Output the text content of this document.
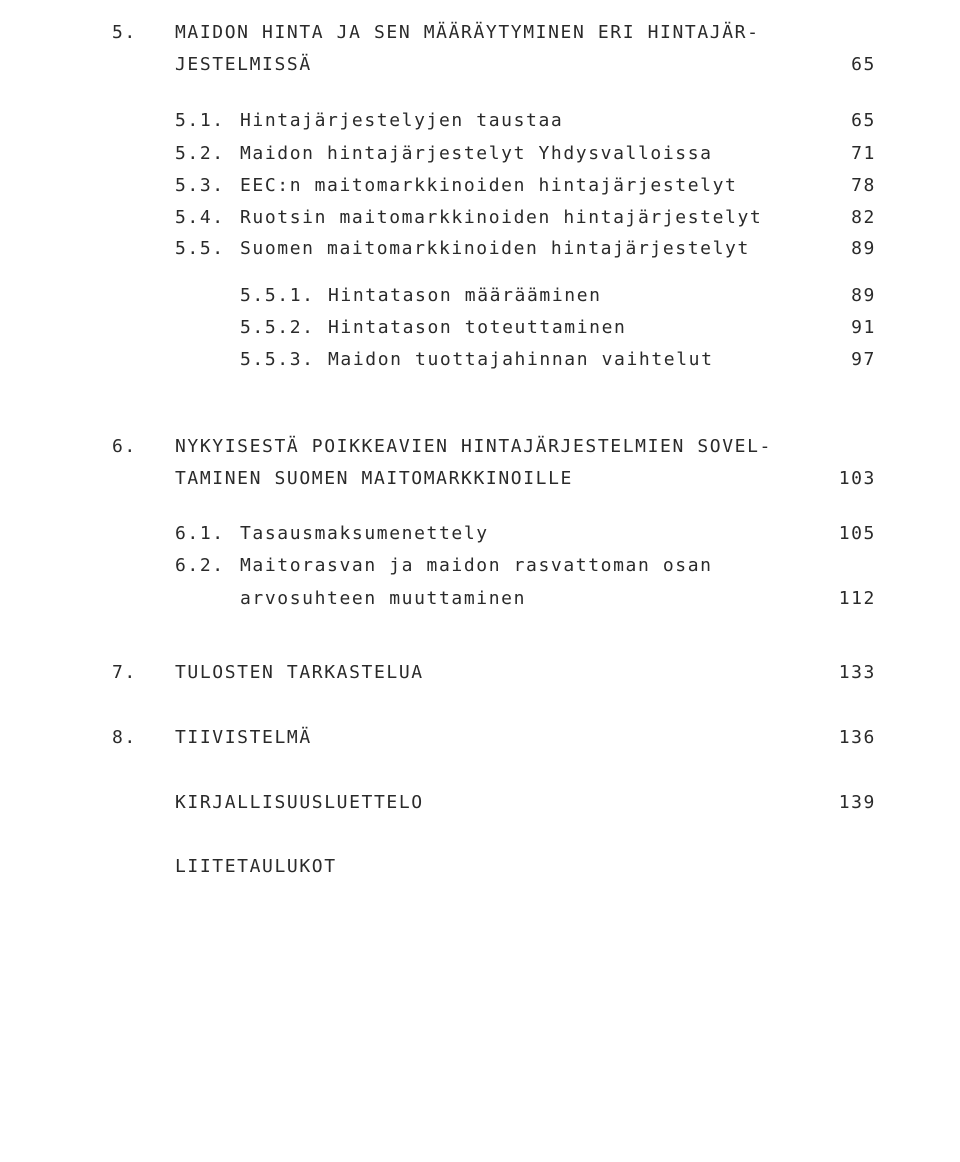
5. MAIDON HINTA JA SEN MÄÄRÄYTYMINEN ERI HINTAJÄR-
JESTELMISSÄ	65
5.1. Hintajärjestelyjen taustaa	65
5.2. Maidon hintajärjestelyt Yhdysvalloissa	71
5.3. EEC:n maitomarkkinoiden hintajärjestelyt	78
5.4. Ruotsin maitomarkkinoiden hintajärjestelyt	82
5.5. Suomen maitomarkkinoiden hintajärjestelyt	89
5.5.1. Hintatason määrääminen	89
5.5.2. Hintatason toteuttaminen	91
5.5.3. Maidon tuottajahinnan vaihtelut	97
6. NYKYISESTÄ POIKKEAVIEN HINTAJÄRJESTELMIEN SOVEL-
TAMINEN SUOMEN MAITOMARKKINOILLE	103
6.1. Tasausmaksumenettely	105
6.2. Maitorasvan ja maidon rasvattoman osan
arvosuhteen muuttaminen	112
7. TULOSTEN TARKASTELUA	133
8. TIIVISTELMÄ	136
KIRJALLISUUSLUETTELO	139
LIITETAULUKOT
